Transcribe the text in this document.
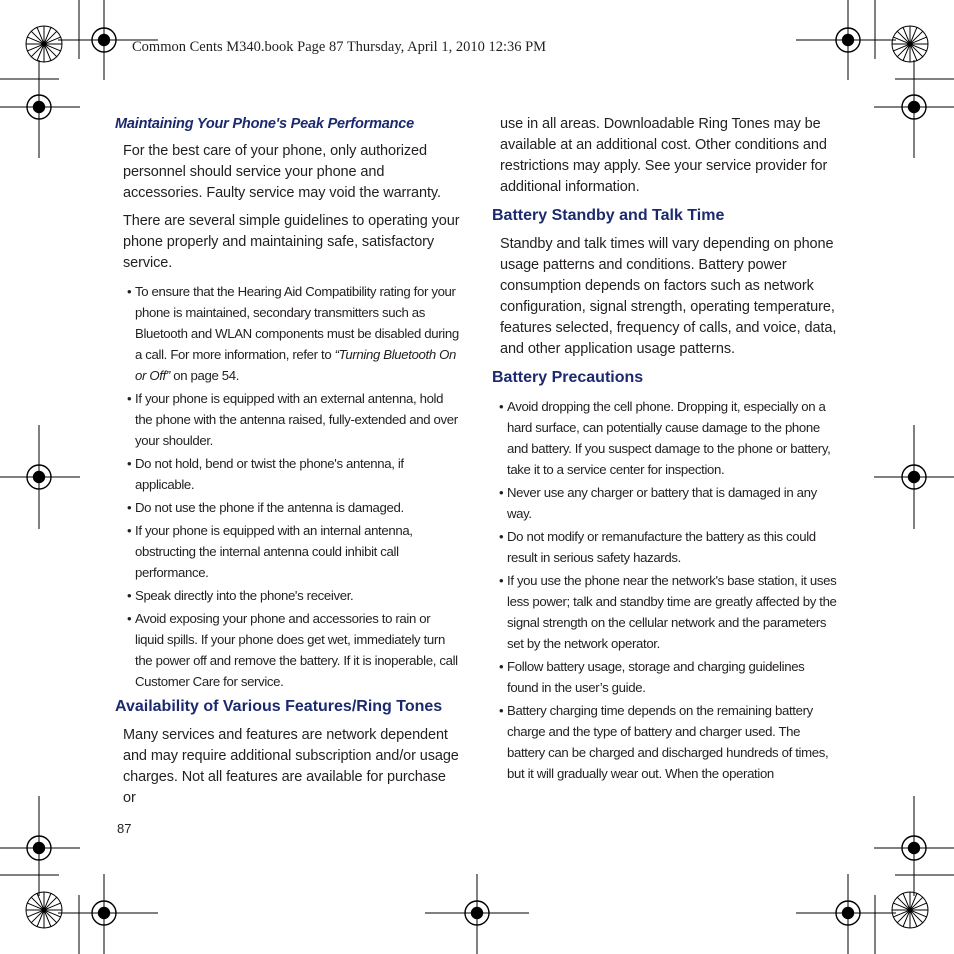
Common Cents M340.book Page 87 Thursday, April 1, 2010 12:36 PM
Maintaining Your Phone's Peak Performance

For the best care of your phone, only authorized personnel should service your phone and accessories. Faulty service may void the warranty.

There are several simple guidelines to operating your phone properly and maintaining safe, satisfactory service.

• To ensure that the Hearing Aid Compatibility rating for your phone is maintained, secondary transmitters such as Bluetooth and WLAN components must be disabled during a call. For more information, refer to “Turning Bluetooth On or Off” on page 54.
• If your phone is equipped with an external antenna, hold the phone with the antenna raised, fully-extended and over your shoulder.
• Do not hold, bend or twist the phone's antenna, if applicable.
• Do not use the phone if the antenna is damaged.
• If your phone is equipped with an internal antenna, obstructing the internal antenna could inhibit call performance.
• Speak directly into the phone's receiver.
• Avoid exposing your phone and accessories to rain or liquid spills. If your phone does get wet, immediately turn the power off and remove the battery. If it is inoperable, call Customer Care for service.
Availability of Various Features/Ring Tones

Many services and features are network dependent and may require additional subscription and/or usage charges. Not all features are available for purchase or

use in all areas. Downloadable Ring Tones may be available at an additional cost. Other conditions and restrictions may apply. See your service provider for additional information.

Battery Standby and Talk Time

Standby and talk times will vary depending on phone usage patterns and conditions. Battery power consumption depends on factors such as network configuration, signal strength, operating temperature, features selected, frequency of calls, and voice, data, and other application usage patterns.

Battery Precautions
• Avoid dropping the cell phone. Dropping it, especially on a hard surface, can potentially cause damage to the phone and battery. If you suspect damage to the phone or battery, take it to a service center for inspection.
• Never use any charger or battery that is damaged in any way.
• Do not modify or remanufacture the battery as this could result in serious safety hazards.
• If you use the phone near the network's base station, it uses less power; talk and standby time are greatly affected by the signal strength on the cellular network and the parameters set by the network operator.
• Follow battery usage, storage and charging guidelines found in the user’s guide.
• Battery charging time depends on the remaining battery charge and the type of battery and charger used. The battery can be charged and discharged hundreds of times, but it will gradually wear out. When the operation
87
